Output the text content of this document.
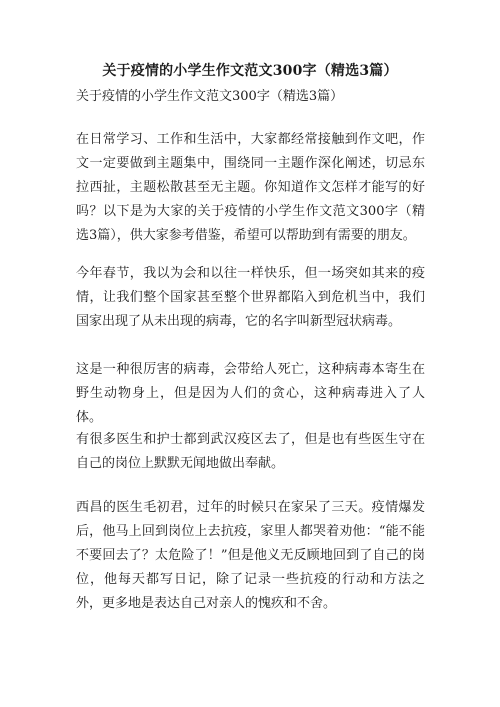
关于疫情的小学生作文范文300字（精选3篇）
关于疫情的小学生作文范文300字（精选3篇）

在日常学习、工作和生活中，大家都经常接触到作文吧，作文一定要做到主题集中，围绕同一主题作深化阐述，切忌东拉西扯，主题松散甚至无主题。你知道作文怎样才能写的好吗？以下是为大家的关于疫情的小学生作文范文300字（精选3篇），供大家参考借鉴，希望可以帮助到有需要的朋友。

今年春节，我以为会和以往一样快乐，但一场突如其来的疫情，让我们整个国家甚至整个世界都陷入到危机当中，我们国家出现了从未出现的病毒，它的名字叫新型冠状病毒。

这是一种很厉害的病毒，会带给人死亡，这种病毒本寄生在野生动物身上，但是因为人们的贪心，这种病毒进入了人体。

有很多医生和护士都到武汉疫区去了，但是也有些医生守在自己的岗位上默默无闻地做出奉献。

西昌的医生毛初君，过年的时候只在家呆了三天。疫情爆发后，他马上回到岗位上去抗疫，家里人都哭着劝他：“能不能不要回去了？太危险了！”但是他义无反顾地回到了自己的岗位，他每天都写日记，除了记录一些抗疫的行动和方法之外，更多地是表达自己对亲人的愧疚和不舍。
